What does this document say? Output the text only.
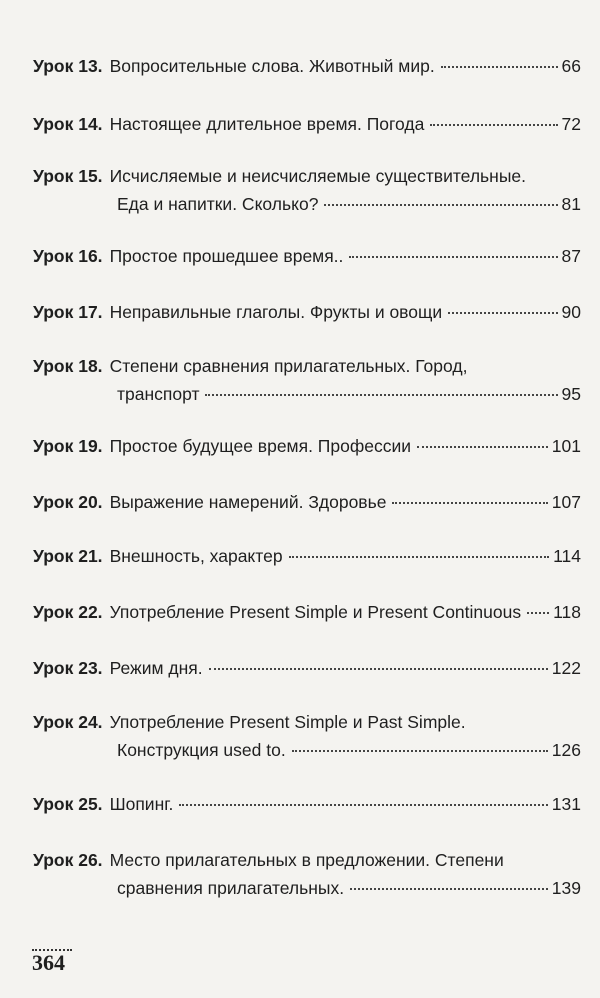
Урок 13. Вопросительные слова. Животный мир.	66
Урок 14. Настоящее длительное время. Погода	72
Урок 15. Исчисляемые и неисчисляемые существительные.
Еда и напитки. Сколько?	81
Урок 16. Простое прошедшее время..	87
Урок 17. Неправильные глаголы. Фрукты и овощи	90
Урок 18. Степени сравнения прилагательных. Город,
транспорт	95
Урок 19. Простое будущее время. Профессии	101
Урок 20. Выражение намерений. Здоровье	107
Урок 21. Внешность, характер	114
Урок 22. Употребление Present Simple и Present Continuous 118
Урок 23. Режим дня.	122
Урок 24. Употребление Present Simple и Past Simple.
Конструкция used to.	126
Урок 25. Шопинг.	131
Урок 26. Место прилагательных в предложении. Степени
сравнения прилагательных.	139
364
